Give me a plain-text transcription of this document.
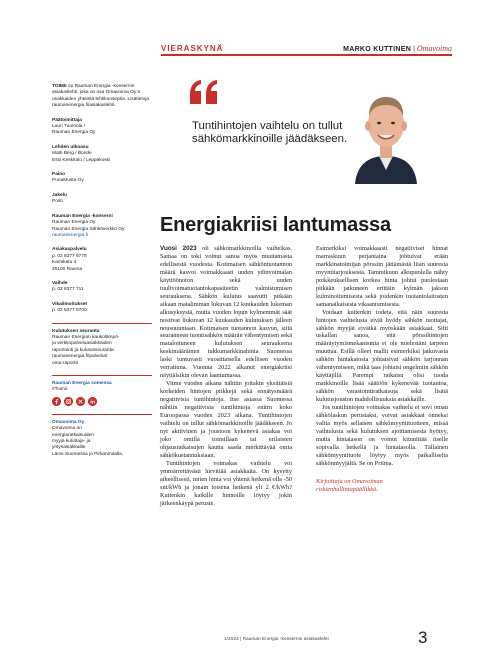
VIERASKYNÄ	MARKO KUTTINEN | Omavoima
TOIMII on Rauman Energia -konsernin asiakaslehti, joka on osa Omavoima Oy:n osakkaiden yhteistä lehtikonseptia. Lisätietoja raumanenergia.fi/asiakaslehti.
Päätoimittaja
Lauri Tuomola /
Rauman Energia Oy
Lehden ulkoasu
Matti Berg / Bonde
Essi Keskitalo / Leppäkoski
Paino
PunaMusta Oy
Jakelu
Posti
Rauman Energia -konserni
Rauman Energia Oy
Rauman Energia Sähköverkko Oy
raumanenergia.fi
Asiakaspalvelu
p. 02 8377 8778
Kairakatu 4
26100 Rauma
Vaihde
p. 02 8377 711
Vikailmoitukset
p. 02 8377 8700
Kulutuksen seuranta
Rauman Energian kaukolämpö-
ja verkkopalveluasiakkaiden
raportointi ja kulutusseuranta:
raumanenergia.fi/palvelut/
oma-raportit
Rauman Energia somessa
#Toimii.
Omavoima Oy
Omavoima on
energiaratkaisuiden
myyjä kuluttaja- ja
yritysasiakkaille
Länsi-Suomessa ja Pirkanmaalla.
Tuntihintojen vaihtelu on tullut sähkömarkkinoille jäädäkseen.
Energiakriisi lantumassa

Vuosi 2023 oli sähkömarkkinoilla vaiheikas. Samaa on toki voinut sanoa myös muutamasta edellisestä vuodesta. Kotimaisen sähköntuotannon määrä kasvoi voimakkaasti uuden ydinvoimalan käyttöönoton sekä uuden tuulivoimatuotantokapasiteetin valmistumisen seurauksena. Sähkön kulutus saavutti pitkään aikaan matalimman lukuvan 12 kuukauden lukeman alkusyksystä, mutta vuoden lopun kylmemmät säät nostivat liukuvan 12 kuukauden kulutuksen jälleen nousuuuntaan. Kotimaisen tuotannon kasvun, siitä seuranneen tuontisähkön määrän vähentymisen sekä mataloituneen kulutuksen seurauksena keskimääräinen tukkumarkkinahinta Suomessa laski tuntuvasti vuosittaisella edellisen vuoden verrattuna. Vuonna 2022 alkanut energiakriisi näyttäisikin olevan laantumassa.

Viime vuoden aikana nähtiin joitakin yksittäisiä korkeiden hintojen piikkejä sekä ennätysmäärä negatiivisia tuntihintoja. Itse asiassa Suomessa nähtiin negatiivisia tuntihintoja enitrn koko Euroopassa vuoden 2023 aikana. Tuntihintojen vaihtelu on tullut sähkömarkkinoille jäädäkseen. Jo nyt aktiivinen ja joustoon kykenevä asiakas voi jokо omilla toimillaan tai erilaisten ohjausratkaisujen kautta saada merkittävää omia sähkökustannuksiaan.

Tuntihintojen voimakas vaihtelu voi ymmärrettävästi hirvittää asiakkaita. On kysytty aiheellisesti, miten hinta voi yhtenä hetkenä olla -50 snt/kWh ja jonain toisena hetkenä yli 2 €/kWh? Kuitenkin kaikille hinnoille löytyy jokin järkeenkäypä peruste.

Esimerkiksi voimakkaasti negatiiviset hinnat marraskuun perjantaina johtuivat erään markkinatoimijan pörssiin jättämästä liian suuresta myyntitarjouksesta. Tammikuun alkupuolella nähty poikkeuksellisen korkea hinta johtui puolestaan pitkään jatkuneen erittäin kylmän jakson kulminoitumisesta sekä joidenkin tuotantolaitosten samanaikaisesta vikaantumisesta.

Voidaan kuitenkin todeta, että näin suuresta hintojen vaihtelusta eivät hyödy sähkön tuottajat, sähkön myyjät eivätkä myöskään asiakkaat. Silti uskallan sanoa, että pörssihintojen määräytymismekanismia ei ole mielestäni tarpeen muuttaa. Esillä olleet mallit esimerkiksi jatkuvasta sähkön hintakatosta johtaisivat sähkön tarjonnan vähentymiseen, mikä taas johtaisi ongelmiin sähkön käyttäjillä. Parempi ratkaisu olisi tuoda markkinoille lisää säätöön kykenevää tuotantoa, sähkön varastointiratkaisuja sekä lisätä kulutusjouston mahdollisuuksia asiakkaille.

Jos tuntihintojen voimakas vaihtelu ei sovi oman sähkölaskun perustaksi, voivat asiakkaat onneksi valita myös sellaisen sähkömyyntituotteen, missä vaihtelusta sekä kulutuksen ajoittamisesta hyötyy, mutta hintatason on voinut kiinnittää itselle sopivalla hetkellä ja hintatasolla. Tällainen sähkömyyntituote löytyy myös paikalliselta sähkönmyyjältä. Se on Priima.

Kirjoittaja on Omavoiman
riskienhallintapäällikkö.
1/2024 | Rauman Energia -konsernin asiakaslehti	3
